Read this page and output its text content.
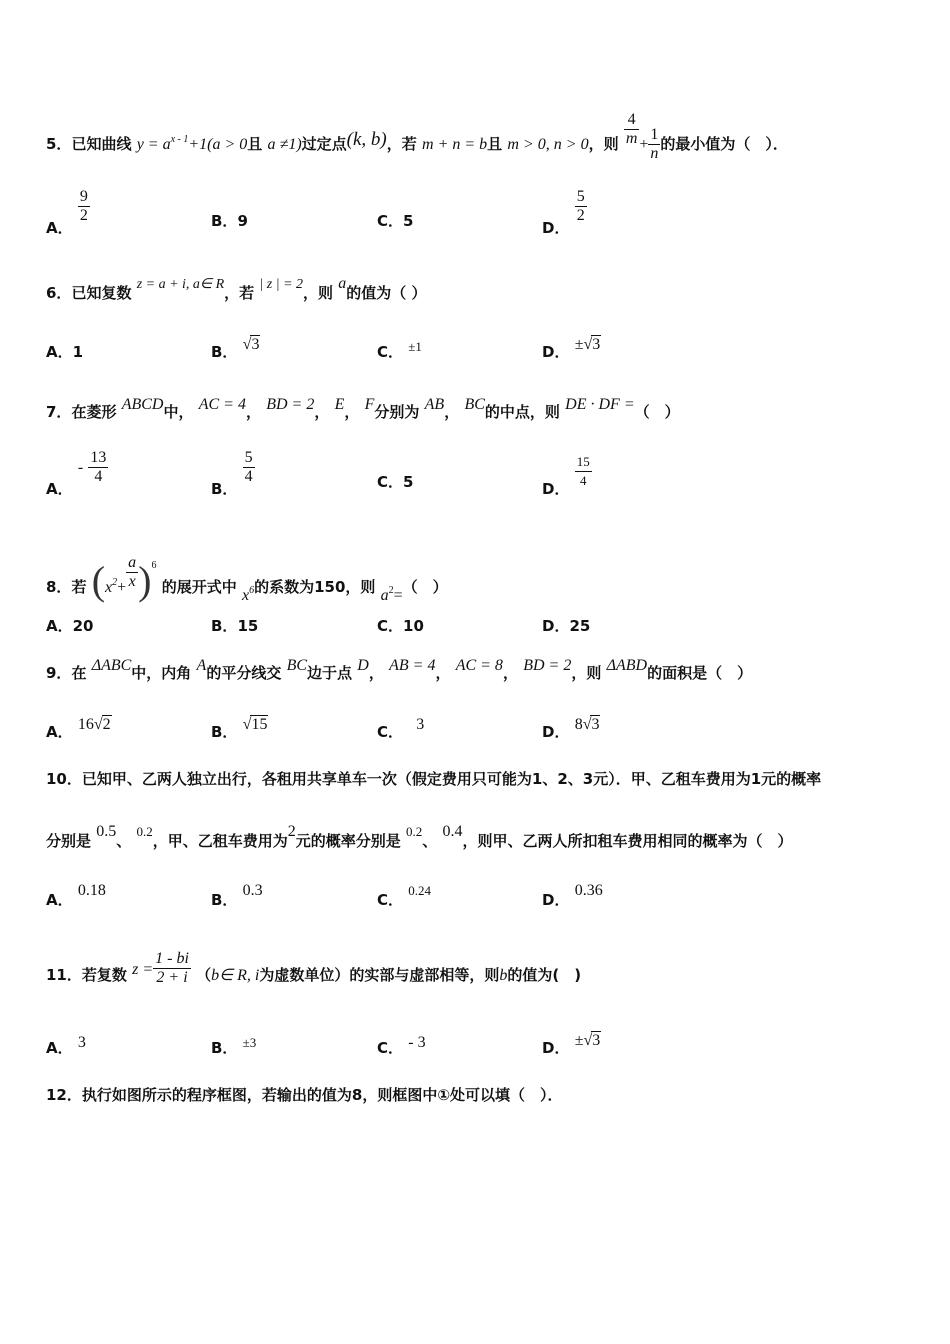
5．已知曲线 $y = a^{x - 1}+1(a > 0$且 a ≠1)过定点(k, b)，若 m + n = b且 m > 0, n > 0，则 $\frac{4}{m} + \frac{1}{n}$ 的最小值为（　）．
A．
$\frac{9}{2}$	B．9	C．5	D．
$\frac{5}{2}$
6．已知复数 z = a + i, a∈ R，若 | z | = 2，则 a的值为（ ）
A．1	B． √3	C． ±1	D． ±√3
7．在菱形 ABCD中， AC = 4， BD = 2， E， F分别为 AB， BC的中点，则 DE · DF =（　）
A． - $\frac{13}{4}$
B．
$\frac{5}{4}$	C．5	D． $\frac{15}{4}$
8．若 $(x^2+ \frac{a}{x} )^6$ 的展开式中 x6的系数为150，则 a2=（　）
A．20	B．15	C．10	D．25
9．在 ΔABC中，内角 A的平分线交 BC边于点 D， AB = 4， AC = 8， BD = 2，则 ΔABD的面积是（　）
A． 16√2	B． √15	C． 3	D． 8√3
10．已知甲、乙两人独立出行，各租用共享单车一次（假定费用只可能为1、2、3元）．甲、乙租车费用为1元的概率
分别是 0.5、 0.2，甲、乙租车费用为2元的概率分别是 0.2、 0.4，则甲、乙两人所扣租车费用相同的概率为（　）
A． 0.18
B． 0.3
C． 0.24
D． 0.36
11．若复数 $z = \frac{1 - bi}{2 + i}$ （b∈ R, i为虚数单位）的实部与虚部相等，则b的值为(　)
A． 3	B． ±3	C． - 3	D． ±√3
12．执行如图所示的程序框图，若输出的值为8，则框图中①处可以填（　）．
